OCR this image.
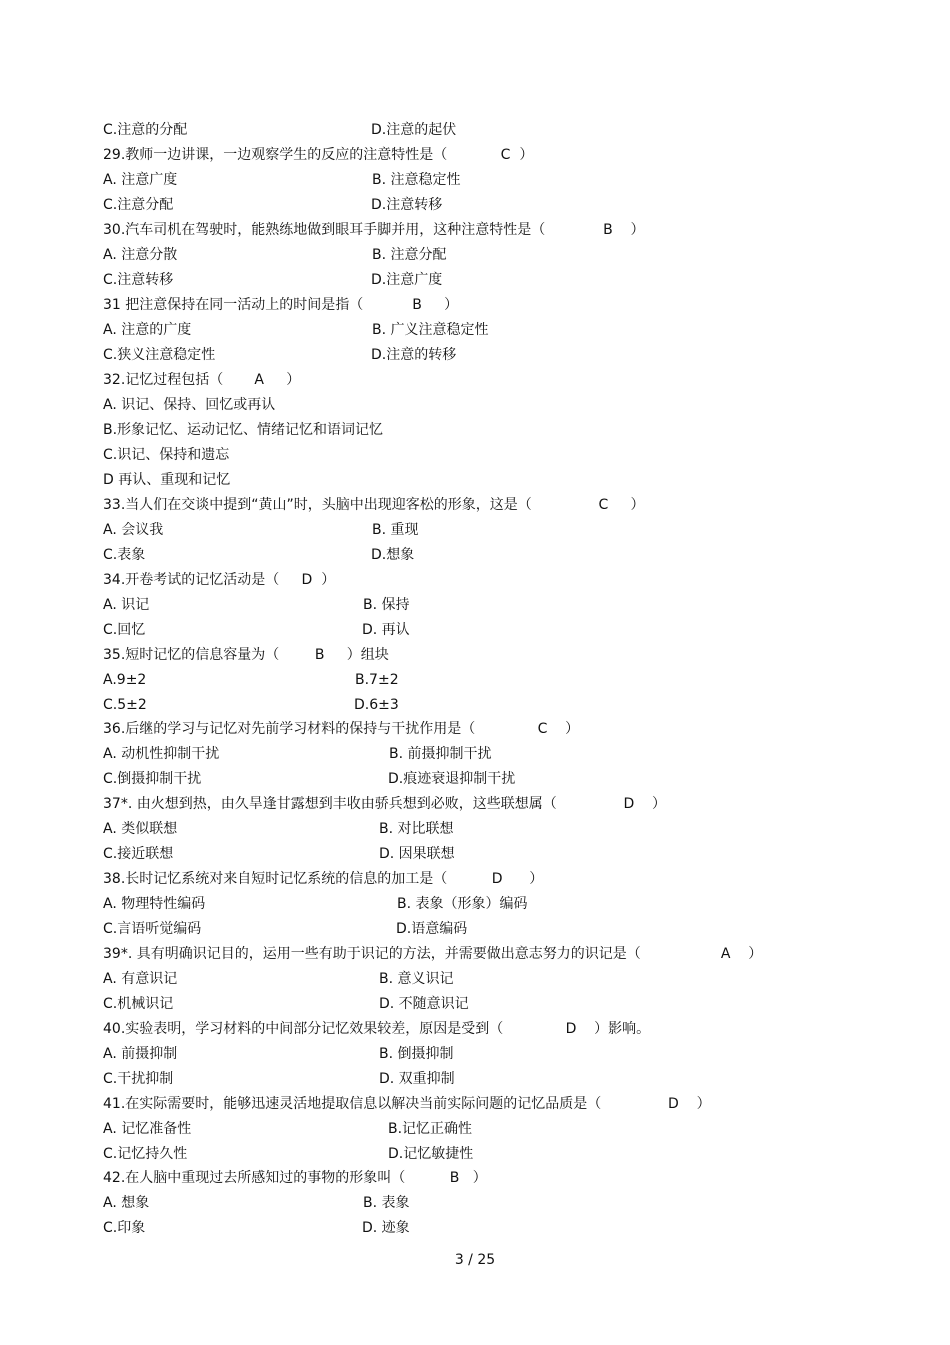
C.注意的分配	D.注意的起伏
29.教师一边讲课，一边观察学生的反应的注意特性是（            C  ）
A. 注意广度	B. 注意稳定性
C.注意分配	D.注意转移
30.汽车司机在驾驶时，能熟练地做到眼耳手脚并用，这种注意特性是（             B    ）
A. 注意分散	B. 注意分配
C.注意转移	D.注意广度
31 把注意保持在同一活动上的时间是指（           B     ）
A. 注意的广度	B. 广义注意稳定性
C.狭义注意稳定性	D.注意的转移
32.记忆过程包括（       A     ）
A. 识记、保持、回忆或再认
B.形象记忆、运动记忆、情绪记忆和语词记忆
C.识记、保持和遗忘
D 再认、重现和记忆
33.当人们在交谈中提到“黄山”时，头脑中出现迎客松的形象，这是（               C     ）
A. 会议我	B. 重现
C.表象	D.想象
34.开卷考试的记忆活动是（     D  ）
A. 识记	B. 保持
C.回忆	D. 再认
35.短时记忆的信息容量为（        B     ）组块
A.9±2	B.7±2
C.5±2	D.6±3
36.后继的学习与记忆对先前学习材料的保持与干扰作用是（              C    ）
A. 动机性抑制干扰	B. 前摄抑制干扰
C.倒摄抑制干扰	D.痕迹衰退抑制干扰
37*. 由火想到热，由久旱逢甘露想到丰收由骄兵想到必败，这些联想属（               D    ）
A. 类似联想	B. 对比联想
C.接近联想	D. 因果联想
38.长时记忆系统对来自短时记忆系统的信息的加工是（          D      ）
A. 物理特性编码	B. 表象（形象）编码
C.言语听觉编码	D.语意编码
39*. 具有明确识记目的，运用一些有助于识记的方法，并需要做出意志努力的识记是（                  A    ）
A. 有意识记	B. 意义识记
C.机械识记	D. 不随意识记
40.实验表明，学习材料的中间部分记忆效果较差，原因是受到（              D    ）影响。
A. 前摄抑制	B. 倒摄抑制
C.干扰抑制	D. 双重抑制
41.在实际需要时，能够迅速灵活地提取信息以解决当前实际问题的记忆品质是（               D    ）
A. 记忆准备性	B.记忆正确性
C.记忆持久性	D.记忆敏捷性
42.在人脑中重现过去所感知过的事物的形象叫（          B   ）
A. 想象	B. 表象
C.印象	D. 迹象
3 / 25
